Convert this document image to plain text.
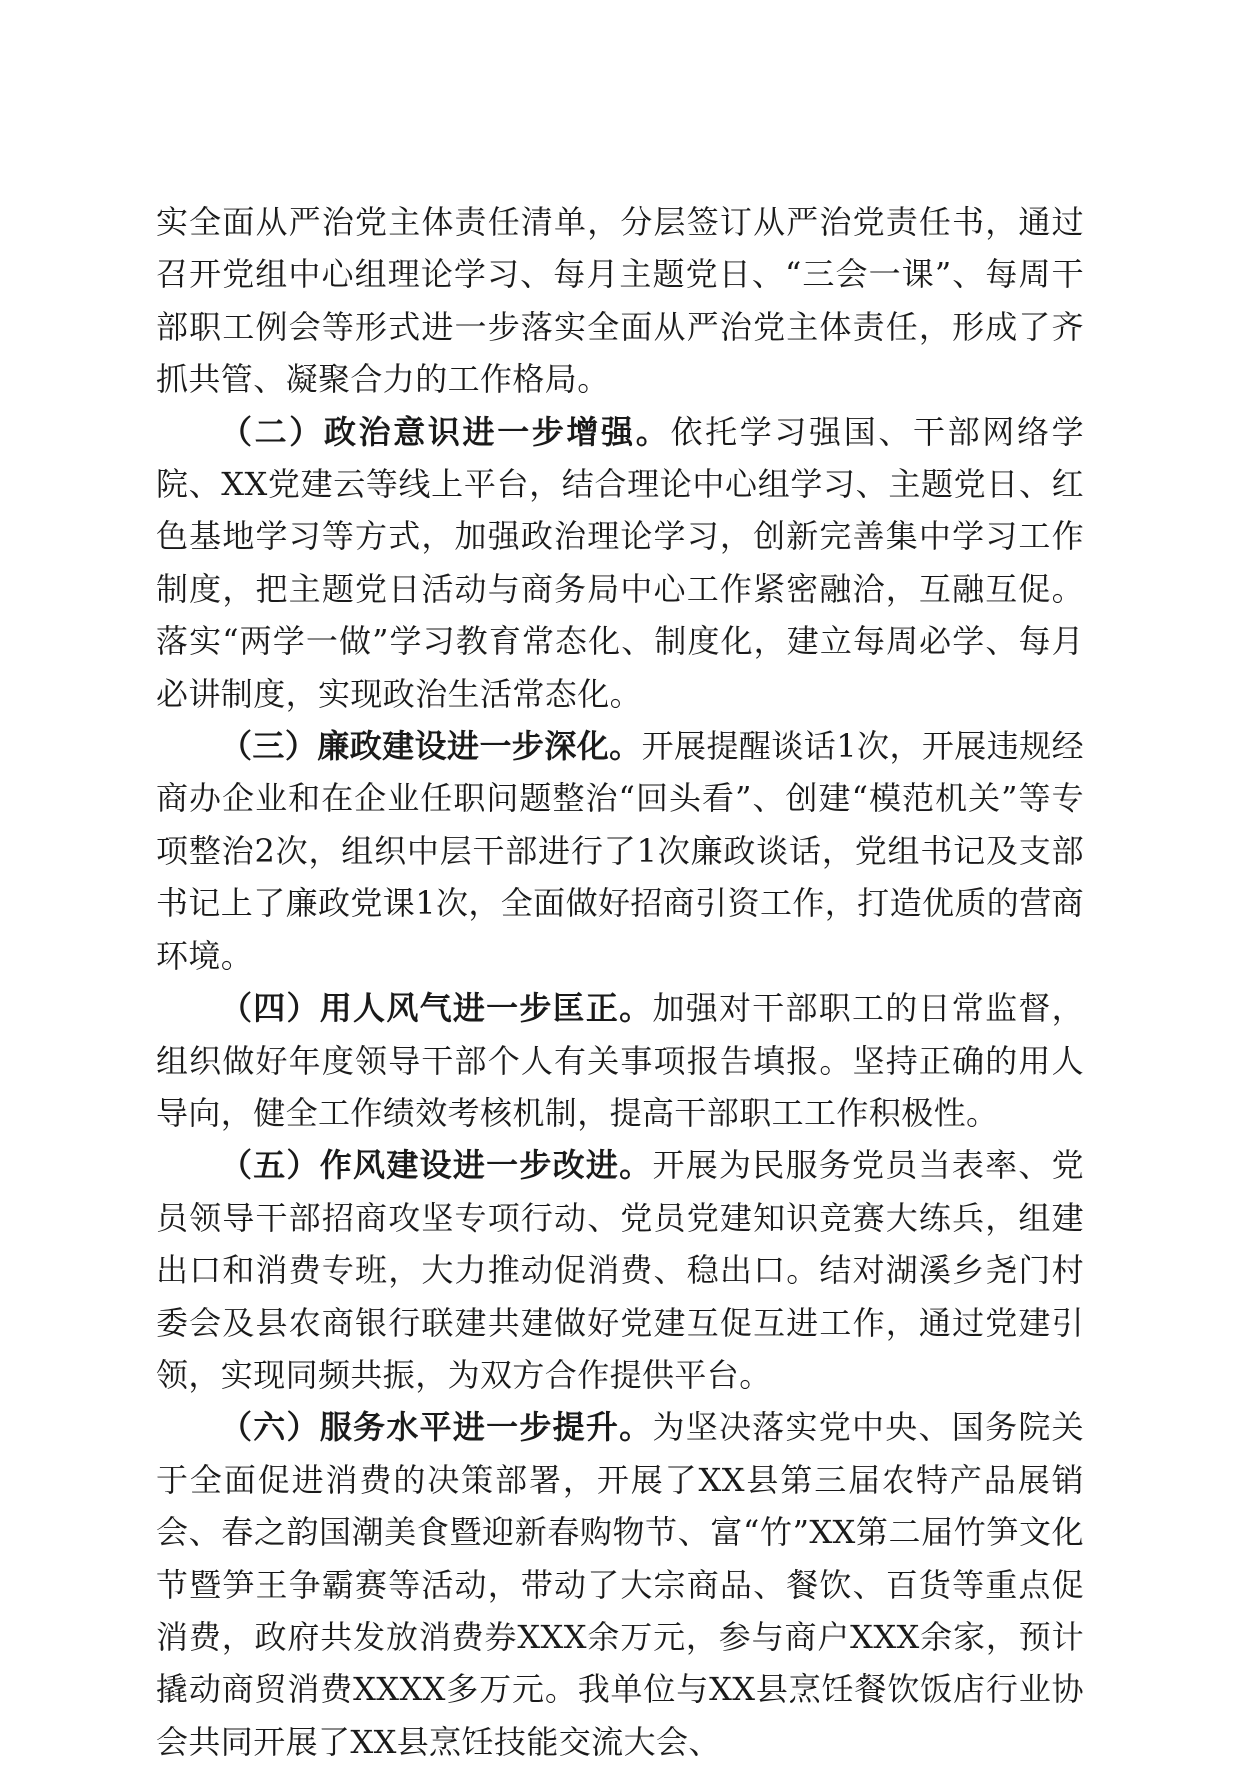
实全面从严治党主体责任清单，分层签订从严治党责任书，通过召开党组中心组理论学习、每月主题党日、“三会一课”、每周干部职工例会等形式进一步落实全面从严治党主体责任，形成了齐抓共管、凝聚合力的工作格局。

（二）政治意识进一步增强。依托学习强国、干部网络学院、XX党建云等线上平台，结合理论中心组学习、主题党日、红色基地学习等方式，加强政治理论学习，创新完善集中学习工作制度，把主题党日活动与商务局中心工作紧密融洽，互融互促。落实“两学一做”学习教育常态化、制度化，建立每周必学、每月必讲制度，实现政治生活常态化。

（三）廉政建设进一步深化。开展提醒谈话1次，开展违规经商办企业和在企业任职问题整治“回头看”、创建“模范机关”等专项整治2次，组织中层干部进行了1次廉政谈话，党组书记及支部书记上了廉政党课1次，全面做好招商引资工作，打造优质的营商环境。

（四）用人风气进一步匡正。加强对干部职工的日常监督，组织做好年度领导干部个人有关事项报告填报。坚持正确的用人导向，健全工作绩效考核机制，提高干部职工工作积极性。

（五）作风建设进一步改进。开展为民服务党员当表率、党员领导干部招商攻坚专项行动、党员党建知识竞赛大练兵，组建出口和消费专班，大力推动促消费、稳出口。结对湖溪乡尧门村委会及县农商银行联建共建做好党建互促互进工作，通过党建引领，实现同频共振，为双方合作提供平台。

（六）服务水平进一步提升。为坚决落实党中央、国务院关于全面促进消费的决策部署，开展了XX县第三届农特产品展销会、春之韵国潮美食暨迎新春购物节、富“竹”XX第二届竹笋文化节暨笋王争霸赛等活动，带动了大宗商品、餐饮、百货等重点促消费，政府共发放消费券XXX余万元，参与商户XXX余家，预计撬动商贸消费XXXX多万元。我单位与XX县烹饪餐饮饭店行业协会共同开展了XX县烹饪技能交流大会、
